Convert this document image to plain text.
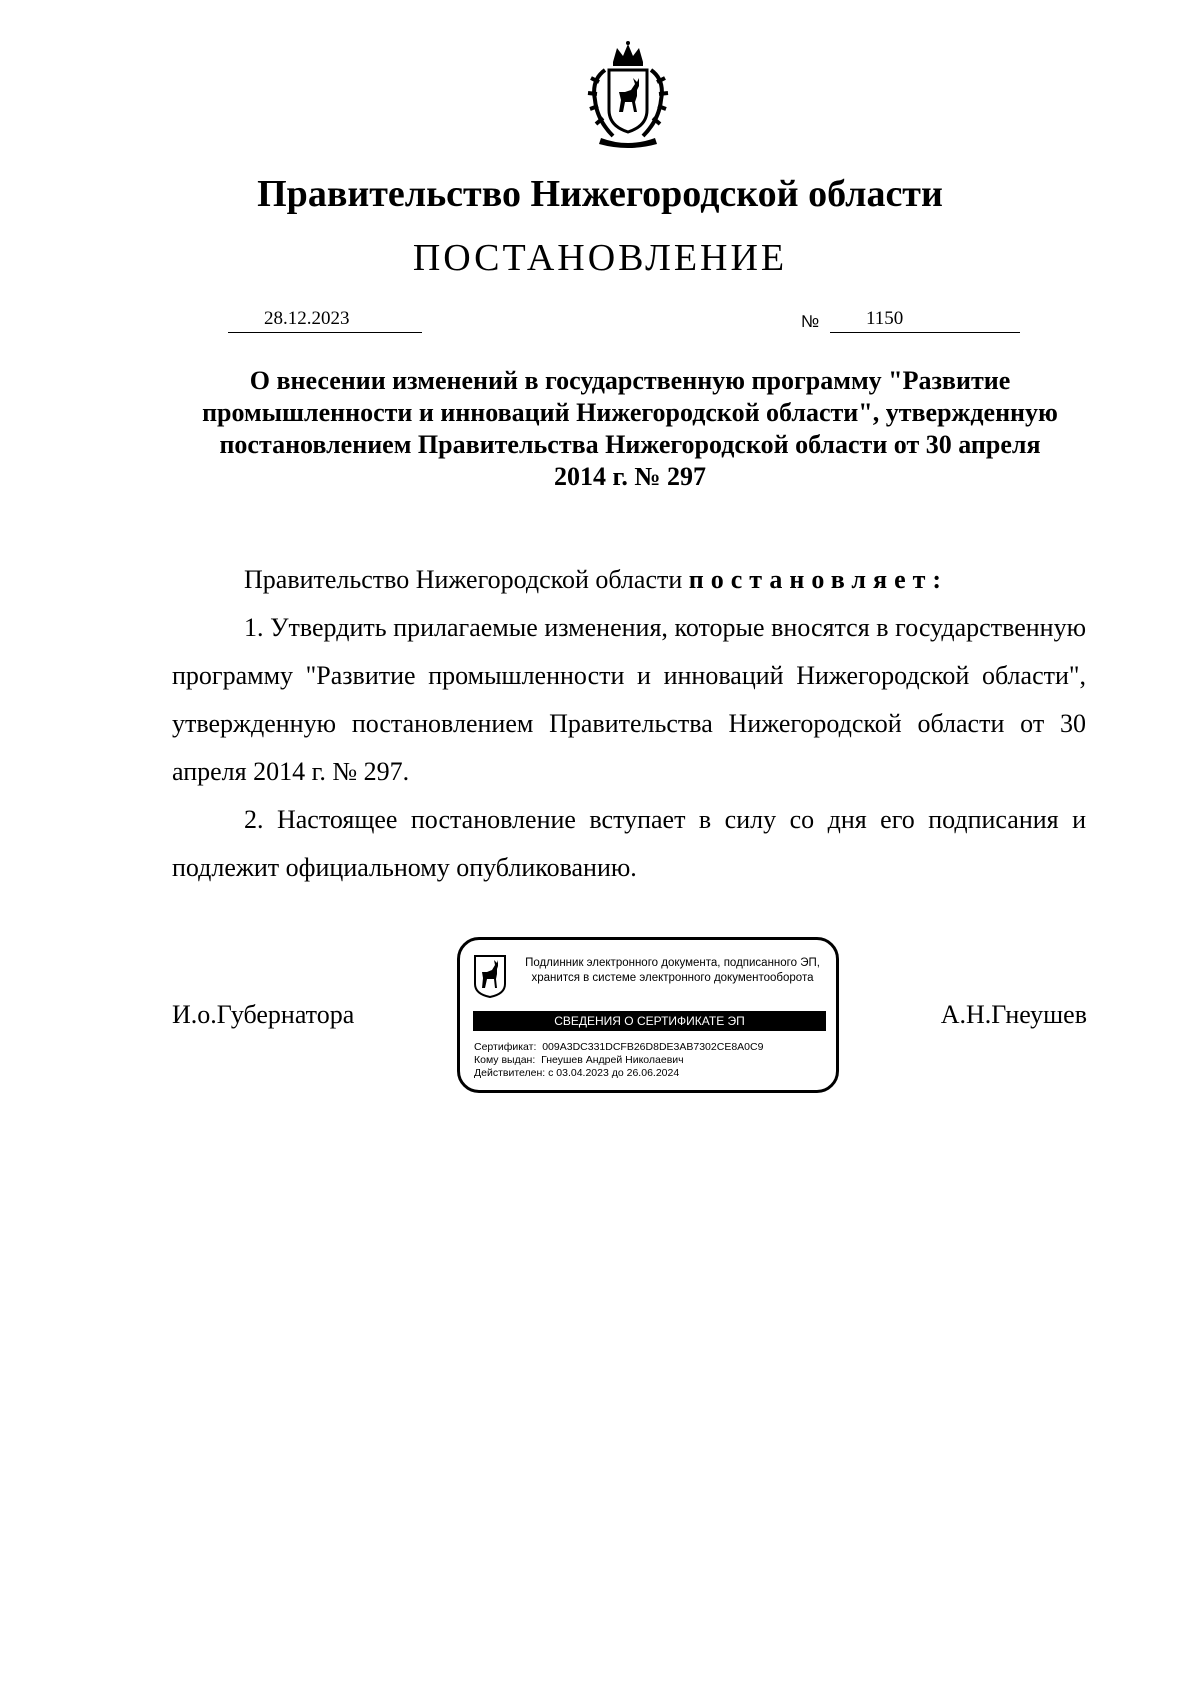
Правительство Нижегородской области
ПОСТАНОВЛЕНИЕ
28.12.2023	№ 1150
О внесении изменений в государственную программу "Развитие промышленности и инноваций Нижегородской области", утвержденную постановлением Правительства Нижегородской области от 30 апреля 2014 г. № 297

Правительство Нижегородской области постановляет:

1. Утвердить прилагаемые изменения, которые вносятся в государственную программу "Развитие промышленности и инноваций Нижегородской области", утвержденную постановлением Правительства Нижегородской области от 30 апреля 2014 г. № 297.

2. Настоящее постановление вступает в силу со дня его подписания и подлежит официальному опубликованию.

И.о.Губернатора
Подлинник электронного документа, подписанного ЭП,
хранится в системе электронного документооборота
СВЕДЕНИЯ О СЕРТИФИКАТЕ ЭП
Сертификат: 009A3DC331DCFB26D8DE3AB7302CE8A0C9
Кому выдан: Гнеушев Андрей Николаевич
Действителен: с 03.04.2023 до 26.06.2024
А.Н.Гнеушев
